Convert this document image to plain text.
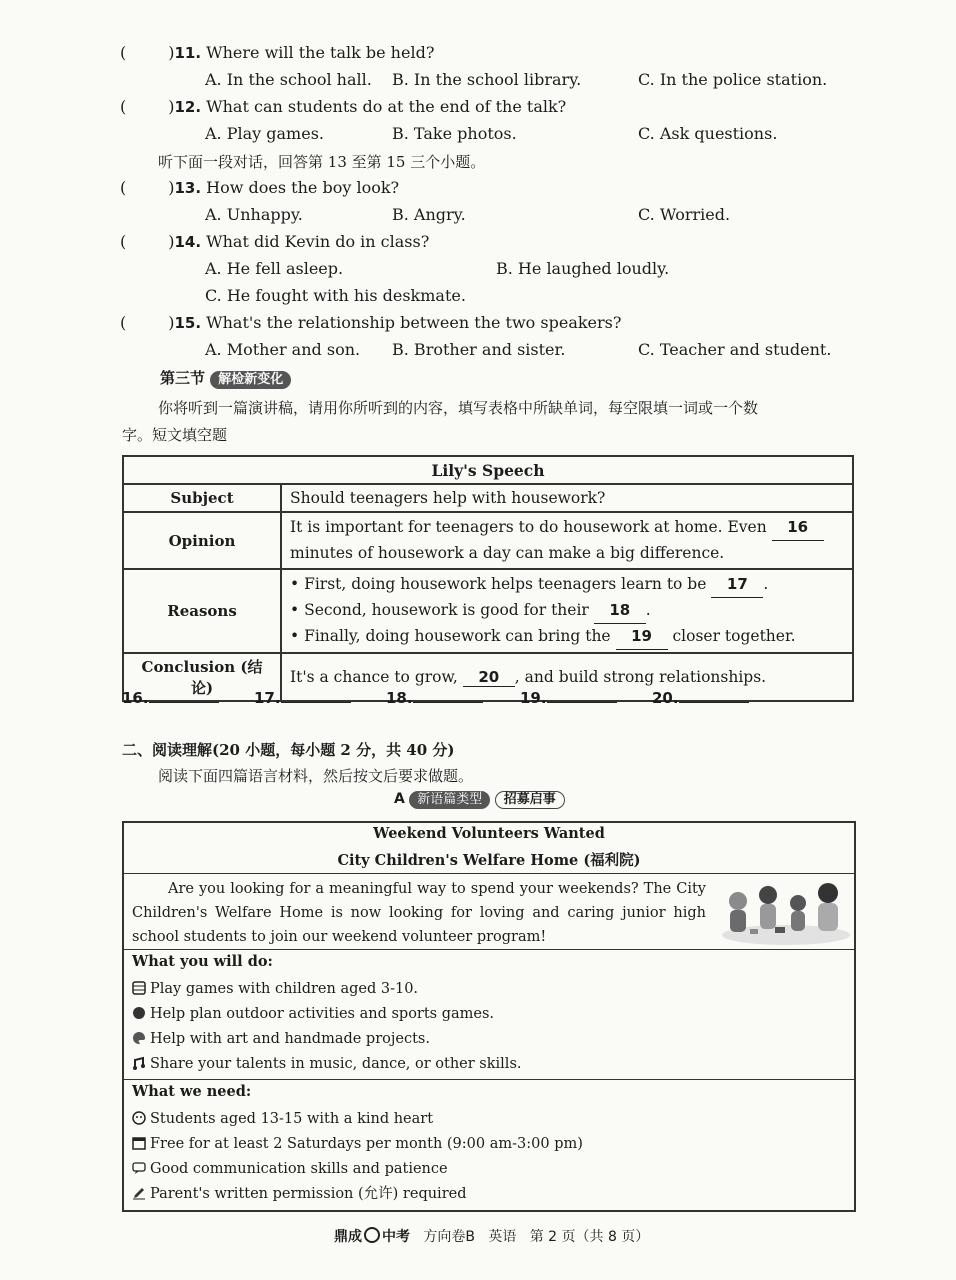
(	)11. Where will the talk be held?
A. In the school hall. B. In the school library.	C. In the police station.
(	)12. What can students do at the end of the talk?
A. Play games.	B. Take photos.	C. Ask questions.
(	)13. How does the boy look?
A. Unhappy.	B. Angry.	C. Worried.
(	)14. What did Kevin do in class?
A. He fell asleep.	B. He laughed loudly.
C. He fought with his deskmate.
(	)15. What's the relationship between the two speakers?
A. Mother and son. B. Brother and sister.	C. Teacher and student.
听下面一段对话，回答第 13 至第 15 三个小题。
第三节 解检新变化
你将听到一篇演讲稿，请用你所听到的内容，填写表格中所缺单词，每空限填一词或一个数
字。短文填空题
Lily's Speech	
Subject	Should teenagers help with housework?
Opinion	It is important for teenagers to do housework at home. Even 16
minutes of housework a day can make a big difference.
Reasons	• First, doing housework helps teenagers learn to be 17 .
• Second, housework is good for their 18 .
• Finally, doing housework can bring the 19 closer together.
Conclusion (结论)	It's a chance to grow, 20 , and build strong relationships.
16.	17.	18.	19.	20.
二、阅读理解(20 小题，每小题 2 分，共 40 分)
阅读下面四篇语言材料，然后按文后要求做题。
A 新语篇类型 招募启事
Weekend Volunteers Wanted
City Children's Welfare Home (福利院)
Are you looking for a meaningful way to spend your weekends? The City Children's Welfare Home is now looking for loving and caring junior high school students to join our weekend volunteer program!
What you will do:
Play games with children aged 3-10.
Help plan outdoor activities and sports games.
Help with art and handmade projects.
Share your talents in music, dance, or other skills.
What we need:
Students aged 13-15 with a kind heart
Free for at least 2 Saturdays per month (9:00 am-3:00 pm)
Good communication skills and patience
Parent's written permission (允许) required
鼎成 中考 方向卷B 英语 第 2 页（共 8 页）
